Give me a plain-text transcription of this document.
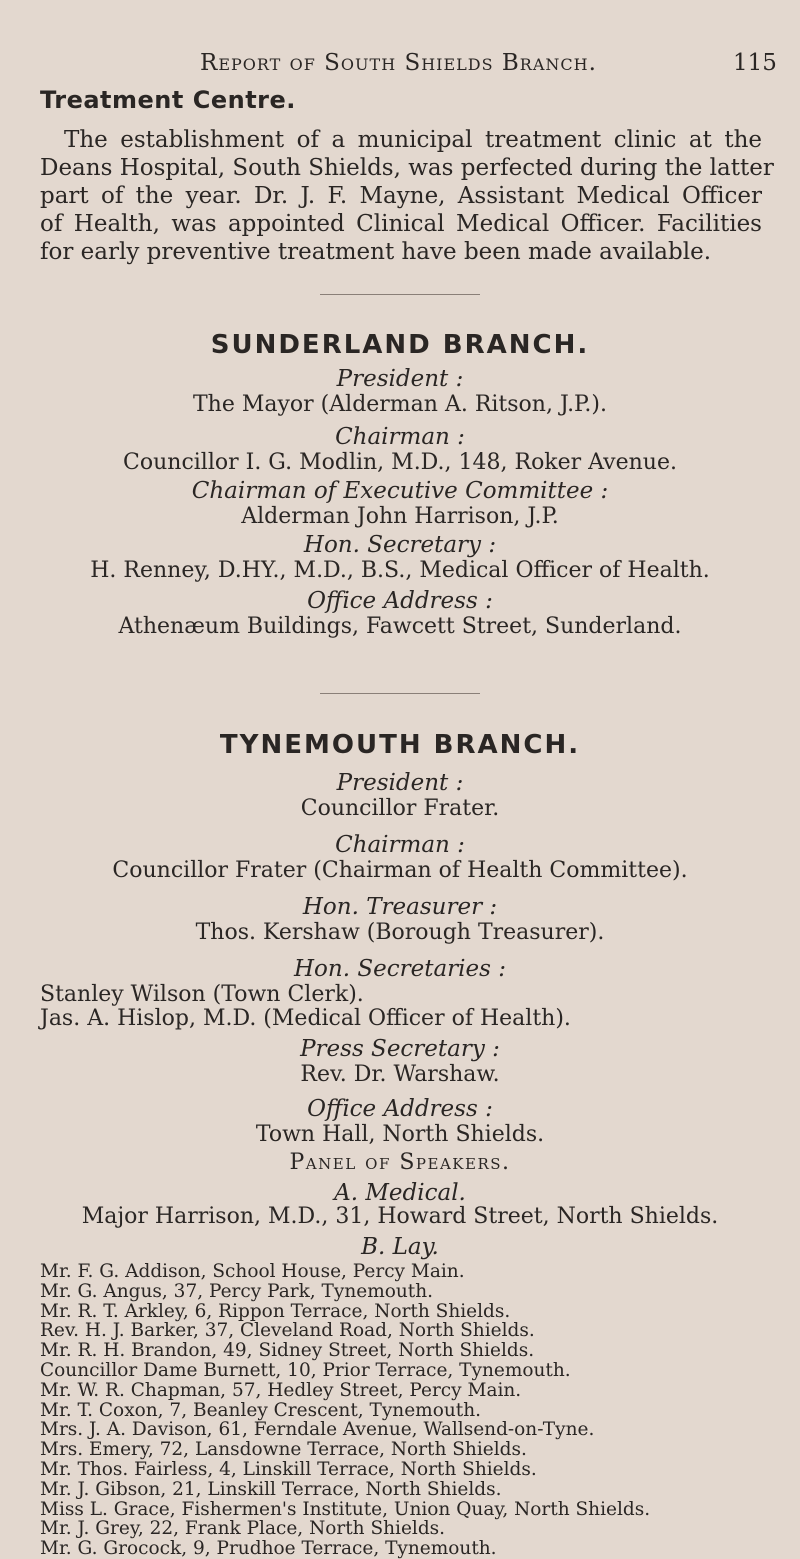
Report of South Shields Branch.	115
Treatment Centre.
The establishment of a municipal treatment clinic at the
Deans Hospital, South Shields, was perfected during the latter
part of the year. Dr. J. F. Mayne, Assistant Medical Officer
of Health, was appointed Clinical Medical Officer. Facilities
for early preventive treatment have been made available.
SUNDERLAND BRANCH.
President :
The Mayor (Alderman A. Ritson, J.P.).
Chairman :
Councillor I. G. Modlin, M.D., 148, Roker Avenue.
Chairman of Executive Committee :
Alderman John Harrison, J.P.
Hon. Secretary :
H. Renney, D.HY., M.D., B.S., Medical Officer of Health.
Office Address :
Athenæum Buildings, Fawcett Street, Sunderland.
TYNEMOUTH BRANCH.
President :
Councillor Frater.
Chairman :
Councillor Frater (Chairman of Health Committee).
Hon. Treasurer :
Thos. Kershaw (Borough Treasurer).
Hon. Secretaries :
Stanley Wilson (Town Clerk).
Jas. A. Hislop, M.D. (Medical Officer of Health).
Press Secretary :
Rev. Dr. Warshaw.
Office Address :
Town Hall, North Shields.
Panel of Speakers.
A. Medical.
Major Harrison, M.D., 31, Howard Street, North Shields.
B. Lay.
Mr. F. G. Addison, School House, Percy Main.
Mr. G. Angus, 37, Percy Park, Tynemouth.
Mr. R. T. Arkley, 6, Rippon Terrace, North Shields.
Rev. H. J. Barker, 37, Cleveland Road, North Shields.
Mr. R. H. Brandon, 49, Sidney Street, North Shields.
Councillor Dame Burnett, 10, Prior Terrace, Tynemouth.
Mr. W. R. Chapman, 57, Hedley Street, Percy Main.
Mr. T. Coxon, 7, Beanley Crescent, Tynemouth.
Mrs. J. A. Davison, 61, Ferndale Avenue, Wallsend-on-Tyne.
Mrs. Emery, 72, Lansdowne Terrace, North Shields.
Mr. Thos. Fairless, 4, Linskill Terrace, North Shields.
Mr. J. Gibson, 21, Linskill Terrace, North Shields.
Miss L. Grace, Fishermen's Institute, Union Quay, North Shields.
Mr. J. Grey, 22, Frank Place, North Shields.
Mr. G. Grocock, 9, Prudhoe Terrace, Tynemouth.
